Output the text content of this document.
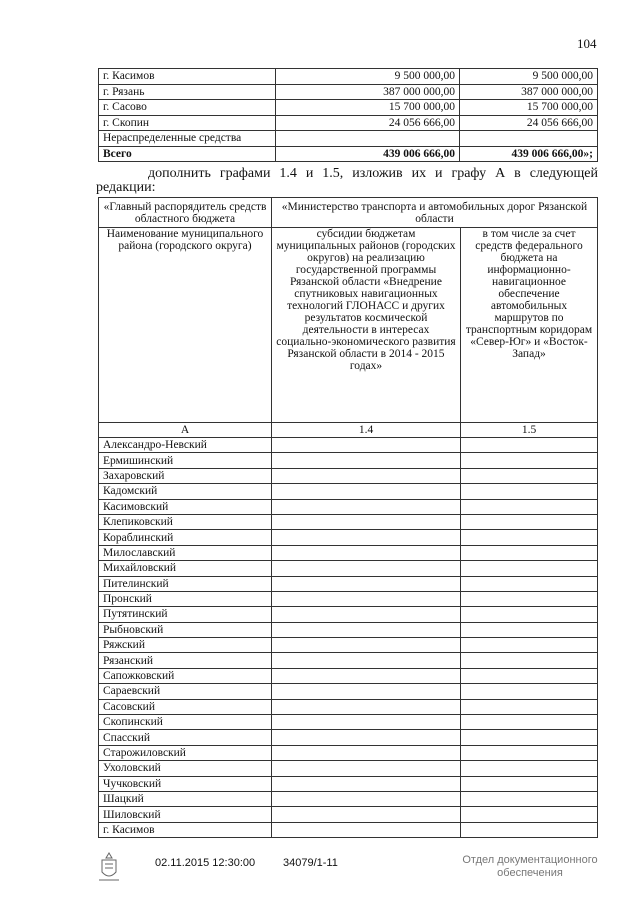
104
г. Касимов	9 500 000,00	9 500 000,00
г. Рязань	387 000 000,00	387 000 000,00
г. Сасово	15 700 000,00	15 700 000,00
г. Скопин	24 056 666,00	24 056 666,00
Нераспределенные средства		
Всего	439 006 666,00	439 006 666,00»;
дополнить графами 1.4 и 1.5, изложив их и графу А в следующей
редакции:
«Главный распорядитель средств областного бюджета	«Министерство транспорта и автомобильных дорог Рязанской области	
Наименование муниципального района (городского округа)	субсидии бюджетам муниципальных районов (городских округов) на реализацию государственной программы Рязанской области «Внедрение спутниковых навигационных технологий ГЛОНАСС и других результатов космической деятельности в интересах социально-экономического развития Рязанской области в 2014 - 2015 годах»	в том числе за счет средств федерального бюджета на информационно-навигационное обеспечение автомобильных маршрутов по транспортным коридорам «Север-Юг» и «Восток-Запад»
А	1.4	1.5
Александро-Невский		
Ермишинский		
Захаровский		
Кадомский		
Касимовский		
Клепиковский		
Кораблинский		
Милославский		
Михайловский		
Пителинский		
Пронский		
Путятинский		
Рыбновский		
Ряжский		
Рязанский		
Сапожковский		
Сараевский		
Сасовский		
Скопинский		
Спасский		
Старожиловский		
Ухоловский		
Чучковский		
Шацкий		
Шиловский		
г. Касимов		
02.11.2015 12:30:00	34079/1-11	Отдел документационного обеспечения
